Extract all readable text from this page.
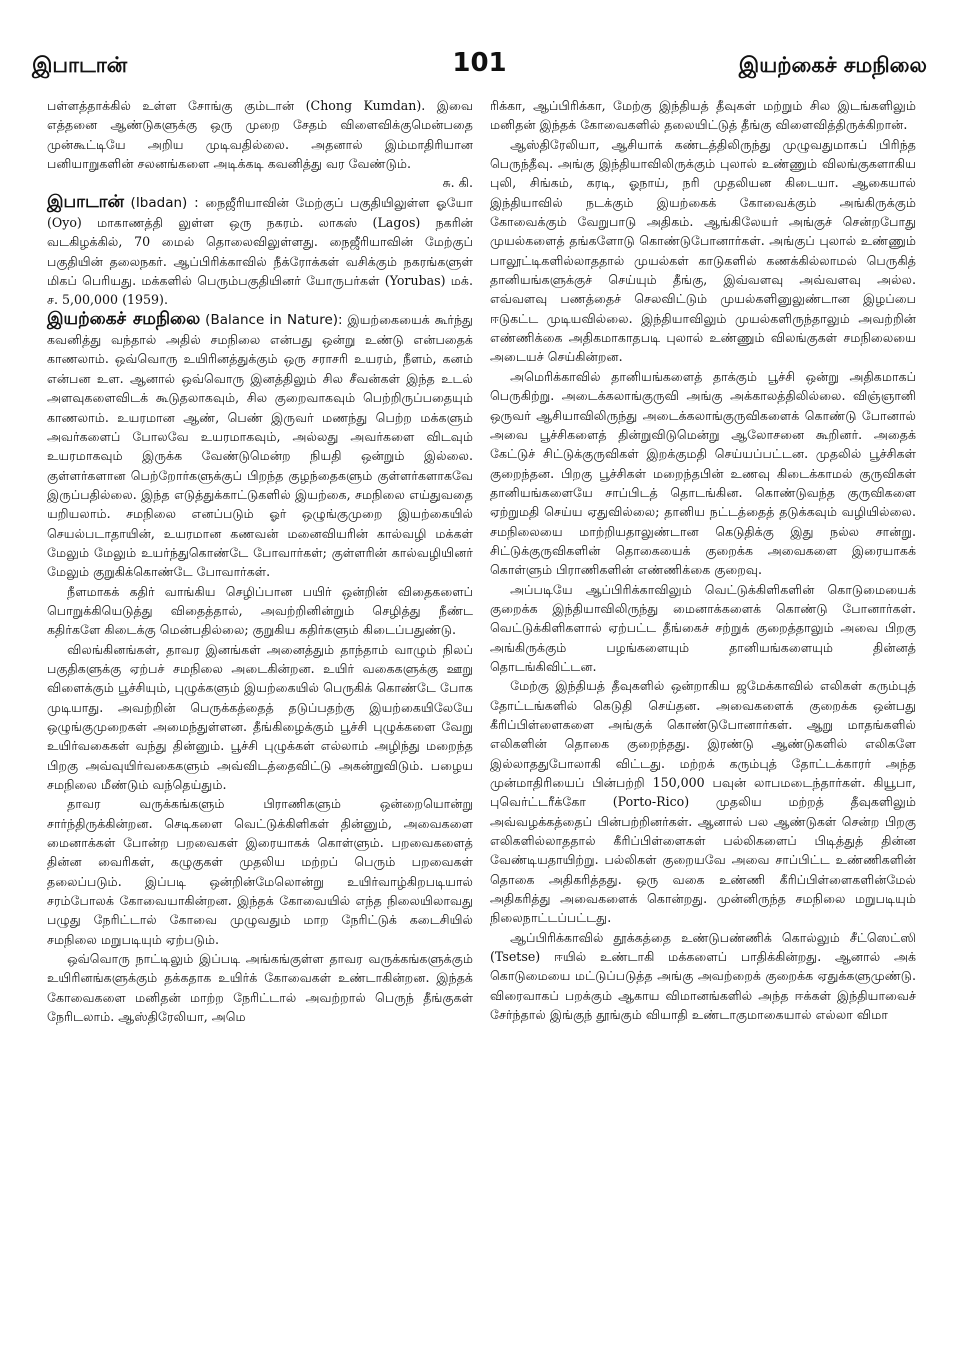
இபாடான்	101	இயற்கைச் சமநிலை

பள்ளத்தாக்கில் உள்ள சோங்கு கும்டான் (Chong Kumdan). இவை எத்தனை ஆண்டுகளுக்கு ஒரு முறை சேதம் விளைவிக்குமென்பதை முன்கூட்டியே அறிய முடிவதில்லை. அதனால் இம்மாதிரியான பனியாறுகளின் சலனங்களை அடிக்கடி கவனித்து வர வேண்டும்.

சு. கி.

இபாடான் (Ibadan) : நைஜீரியாவின் மேற்குப் பகுதியிலுள்ள ஓயோ (Oyo) மாகாணத்தி லுள்ள ஒரு நகரம். லாகஸ் (Lagos) நகரின் வடகிழக்கில், 70 மைல் தொலைவிலுள்ளது. நைஜீரியாவின் மேற்குப் பகுதியின் தலைநகர். ஆப்பிரிக்காவில் நீக்ரோக்கள் வசிக்கும் நகரங்களுள் மிகப் பெரியது. மக்களில் பெரும்பகுதியினர் யோருபர்கள் (Yorubas) மக். ச. 5,00,000 (1959).

இயற்கைச் சமநிலை (Balance in Nature): இயற்கையைக் கூர்ந்து கவனித்து வந்தால் அதில் சமநிலை என்பது ஒன்று உண்டு என்பதைக் காணலாம். ஒவ்வொரு உயிரினத்துக்கும் ஒரு சராசரி உயரம், நீளம், கனம் என்பன உள. ஆனால் ஒவ்வொரு இனத்திலும் சில சீவன்கள் இந்த உடல் அளவுகளைவிடக் கூடுதலாகவும், சில குறைவாகவும் பெற்றிருப்பதையும் காணலாம். உயரமான ஆண், பெண் இருவர் மணந்து பெற்ற மக்களும் அவர்களைப் போலவே உயரமாகவும், அல்லது அவர்களை விடவும் உயரமாகவும் இருக்க வேண்டுமென்ற நியதி ஒன்றும் இல்லை. குள்ளர்களான பெற்றோர்களுக்குப் பிறந்த குழந்தைகளும் குள்ளர்களாகவே இருப்பதில்லை. இந்த எடுத்துக்காட்டுகளில் இயற்கை, சமநிலை எய்துவதை யறியலாம். சமநிலை எனப்படும் ஓர் ஒழுங்குமுறை இயற்கையில் செயல்படாதாயின், உயரமான கணவன் மனைவியரின் கால்வழி மக்கள் மேலும் மேலும் உயர்ந்துகொண்டே போவார்கள்; குள்ளரின் கால்வழியினர் மேலும் குறுகிக்கொண்டே போவார்கள்.

நீளமாகக் கதிர் வாங்கிய செழிப்பான பயிர் ஒன்றின் விதைகளைப் பொறுக்கியெடுத்து விதைத்தால், அவற்றினின்றும் செழித்து நீண்ட கதிர்களே கிடைக்கு மென்பதில்லை; குறுகிய கதிர்களும் கிடைப்பதுண்டு.

விலங்கினங்கள், தாவர இனங்கள் அனைத்தும் தாந்தாம் வாழும் நிலப் பகுதிகளுக்கு ஏற்பச் சமநிலை அடைகின்றன. உயிர் வகைகளுக்கு ஊறு விளைக்கும் பூச்சியும், புழுக்களும் இயற்கையில் பெருகிக் கொண்டே போக முடியாது. அவற்றின் பெருக்கத்தைத் தடுப்பதற்கு இயற்கையிலேயே ஒழுங்குமுறைகள் அமைந்துள்ளன. தீங்கிழைக்கும் பூச்சி புழுக்களை வேறு உயிர்வகைகள் வந்து தின்னும். பூச்சி புழுக்கள் எல்லாம் அழிந்து மறைந்த பிறகு அவ்வுயிர்வகைகளும் அவ்விடத்தைவிட்டு அகன்றுவிடும். பழைய சமநிலை மீண்டும் வந்தெய்தும்.

தாவர வருக்கங்களும் பிராணிகளும் ஒன்றையொன்று சார்ந்திருக்கின்றன. செடிகளை வெட்டுக்கிளிகள் தின்னும், அவைகளை மைனாக்கள் போன்ற பறவைகள் இரையாகக் கொள்ளும். பறவைகளைத் தின்ன வைரிகள், கழுகுகள் முதலிய மற்றப் பெரும் பறவைகள் தலைப்படும். இப்படி ஒன்றின்மேலொன்று உயிர்வாழ்கிறபடியால் சரம்போலக் கோவையாகின்றன. இந்தக் கோவையில் எந்த நிலையிலாவது பழுது நேரிட்டால் கோவை முழுவதும் மாற நேரிட்டுக் கடைசியில் சமநிலை மறுபடியும் ஏற்படும்.

ஒவ்வொரு நாட்டிலும் இப்படி அங்கங்குள்ள தாவர வருக்கங்களுக்கும் உயிரினங்களுக்கும் தக்கதாக உயிர்க் கோவைகள் உண்டாகின்றன. இந்தக் கோவைகளை மனிதன் மாற்ற நேரிட்டால் அவற்றால் பெருந் தீங்குகள் நேரிடலாம். ஆஸ்திரேலியா, அமெ

ரிக்கா, ஆப்பிரிக்கா, மேற்கு இந்தியத் தீவுகள் மற்றும் சில இடங்களிலும் மனிதன் இந்தக் கோவைகளில் தலையிட்டுத் தீங்கு விளைவித்திருக்கிறான்.

ஆஸ்திரேலியா, ஆசியாக் கண்டத்திலிருந்து முழுவதுமாகப் பிரிந்த பெருந்தீவு. அங்கு இந்தியாவிலிருக்கும் புலால் உண்ணும் விலங்குகளாகிய புலி, சிங்கம், கரடி, ஓநாய், நரி முதலியன கிடையா. ஆகையால் இந்தியாவில் நடக்கும் இயற்கைக் கோவைக்கும் அங்கிருக்கும் கோவைக்கும் வேறுபாடு அதிகம். ஆங்கிலேயர் அங்குச் சென்றபோது முயல்களைத் தங்களோடு கொண்டுபோனார்கள். அங்குப் புலால் உண்ணும் பாலூட்டிகளில்லாததால் முயல்கள் காடுகளில் கணக்கில்லாமல் பெருகித் தானியங்களுக்குச் செய்யும் தீங்கு, இவ்வளவு அவ்வளவு அல்ல. எவ்வளவு பணத்தைச் செலவிட்டும் முயல்களினுலுண்டான இழப்பை ஈடுகட்ட முடியவில்லை. இந்தியாவிலும் முயல்களிருந்தாலும் அவற்றின் எண்ணிக்கை அதிகமாகாதபடி புலால் உண்ணும் விலங்குகள் சமநிலையை அடையச் செய்கின்றன.

அமெரிக்காவில் தானியங்களைத் தாக்கும் பூச்சி ஒன்று அதிகமாகப் பெருகிற்று. அடைக்கலாங்குருவி அங்கு அக்காலத்திலில்லை. விஞ்ஞானி ஒருவர் ஆசியாவிலிருந்து அடைக்கலாங்குருவிகளைக் கொண்டு போனால் அவை பூச்சிகளைத் தின்றுவிடுமென்று ஆலோசனை கூறினர். அதைக் கேட்டுச் சிட்டுக்குருவிகள் இறக்குமதி செய்யப்பட்டன. முதலில் பூச்சிகள் குறைந்தன. பிறகு பூச்சிகள் மறைந்தபின் உணவு கிடைக்காமல் குருவிகள் தானியங்களையே சாப்பிடத் தொடங்கின. கொண்டுவந்த குருவிகளை ஏற்றுமதி செய்ய ஏதுவில்லை; தானிய நட்டத்தைத் தடுக்கவும் வழியில்லை. சமநிலையை மாற்றியதாலுண்டான கெடுதிக்கு இது நல்ல சான்று. சிட்டுக்குருவிகளின் தொகையைக் குறைக்க அவைகளை இரையாகக் கொள்ளும் பிராணிகளின் எண்ணிக்கை குறைவு.

அப்படியே ஆப்பிரிக்காவிலும் வெட்டுக்கிளிகளின் கொடுமையைக் குறைக்க இந்தியாவிலிருந்து மைனாக்களைக் கொண்டு போனார்கள். வெட்டுக்கிளிகளால் ஏற்பட்ட தீங்கைச் சற்றுக் குறைத்தாலும் அவை பிறகு அங்கிருக்கும் பழங்களையும் தானியங்களையும் தின்னத் தொடங்கிவிட்டன.

மேற்கு இந்தியத் தீவுகளில் ஒன்றாகிய ஜமேக்காவில் எலிகள் கரும்புத் தோட்டங்களில் கெடுதி செய்தன. அவைகளைக் குறைக்க ஒன்பது கீரிப்பிள்ளைகளை அங்குக் கொண்டுபோனார்கள். ஆறு மாதங்களில் எலிகளின் தொகை குறைந்தது. இரண்டு ஆண்டுகளில் எலிகளே இல்லாததுபோலாகி விட்டது. மற்றக் கரும்புத் தோட்டக்காரர் அந்த முன்மாதிரியைப் பின்பற்றி 150,000 பவுன் லாபமடைந்தார்கள். கியூபா, புவெர்ட்டரீக்கோ (Porto-Rico) முதலிய மற்றத் தீவுகளிலும் அவ்வழக்கத்தைப் பின்பற்றினர்கள். ஆனால் பல ஆண்டுகள் சென்ற பிறகு எலிகளில்லாததால் கீரிப்பிள்ளைகள் பல்லிகளைப் பிடித்துத் தின்ன வேண்டியதாயிற்று. பல்லிகள் குறையவே அவை சாப்பிட்ட உண்ணிகளின் தொகை அதிகரித்தது. ஒரு வகை உண்ணி கீரிப்பிள்ளைகளின்மேல் அதிகரித்து அவைகளைக் கொன்றது. முன்னிருந்த சமநிலை மறுபடியும் நிலைநாட்டப்பட்டது.

ஆப்பிரிக்காவில் தூக்கத்தை உண்டுபண்ணிக் கொல்லும் சீட்ஸெட்ஸி (Tsetse) ஈயில் உண்டாகி மக்களைப் பாதிக்கின்றது. ஆனால் அக் கொடுமையை மட்டுப்படுத்த அங்கு அவற்றைக் குறைக்க ஏதுக்களுமுண்டு. விரைவாகப் பறக்கும் ஆகாய விமானங்களில் அந்த ஈக்கள் இந்தியாவைச் சேர்ந்தால் இங்குந் தூங்கும் வியாதி உண்டாகுமாகையால் எல்லா விமா
